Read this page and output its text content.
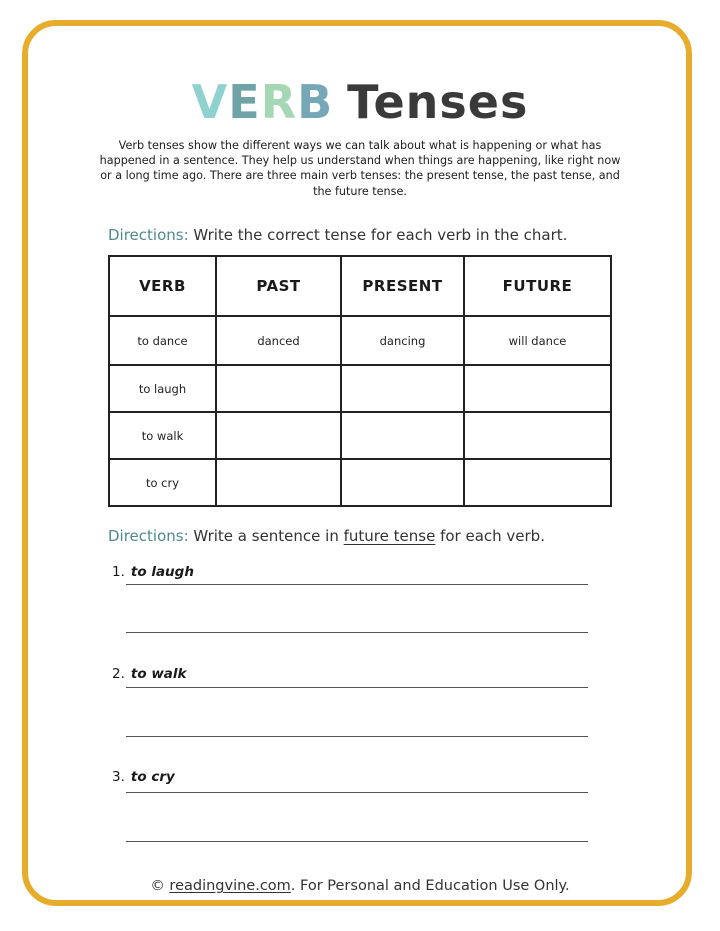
VERB Tenses
Verb tenses show the different ways we can talk about what is happening or what has happened in a sentence. They help us understand when things are happening, like right now or a long time ago. There are three main verb tenses: the present tense, the past tense, and the future tense.
Directions: Write the correct tense for each verb in the chart.
VERB	PAST	PRESENT	FUTURE
to dance	danced	dancing	will dance
to laugh			
to walk			
to cry			
Directions: Write a sentence in future tense for each verb.
1. to laugh
2. to walk
3. to cry
© readingvine.com. For Personal and Education Use Only.
